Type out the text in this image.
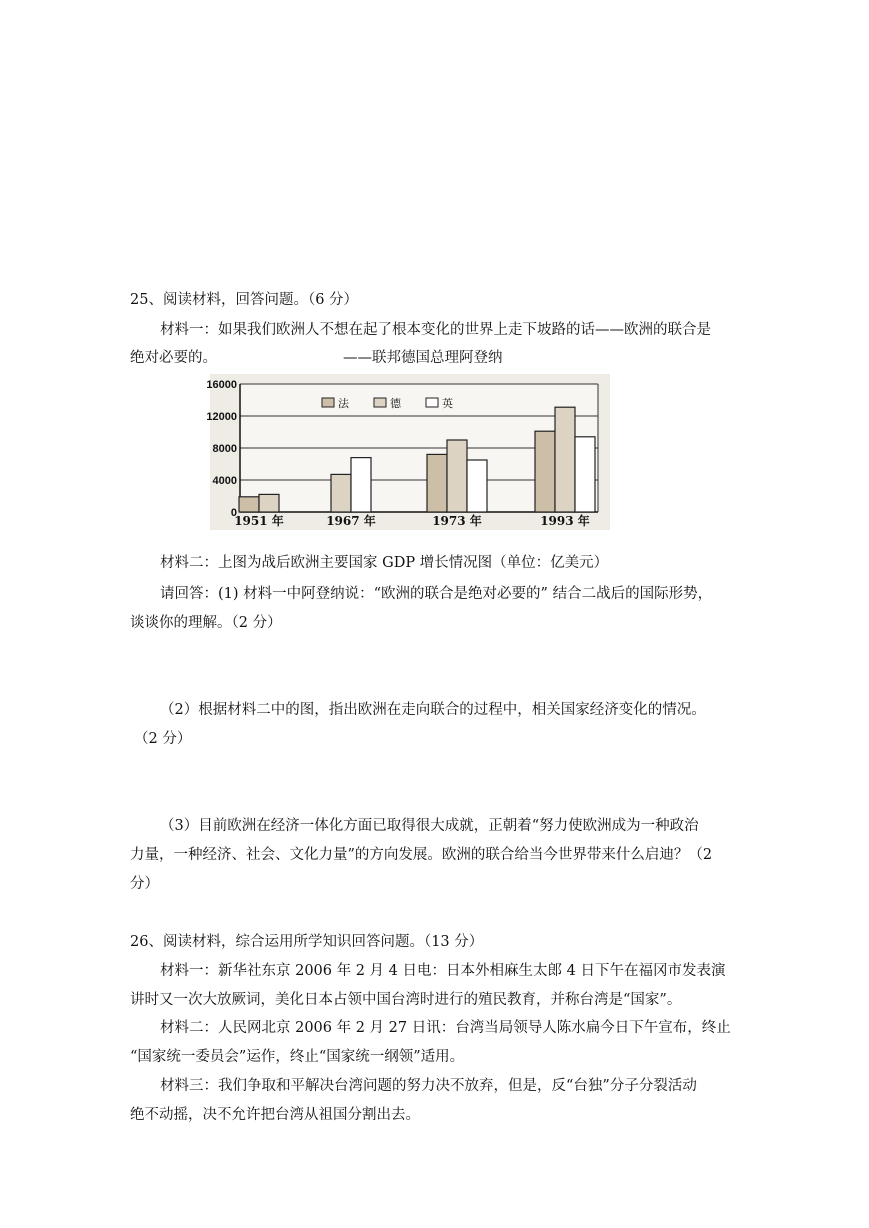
25、阅读材料，回答问题。（6 分）
材料一：如果我们欧洲人不想在起了根本变化的世界上走下坡路的话——欧洲的联合是
绝对必要的。	——联邦德国总理阿登纳
0
4000
8000
12000
16000
1951 年	1967 年	1973 年	1993 年
法	德	英
材料二：上图为战后欧洲主要国家 GDP 增长情况图（单位：亿美元）
请回答：(1) 材料一中阿登纳说：“欧洲的联合是绝对必要的” 结合二战后的国际形势，
谈谈你的理解。（2 分）
（2）根据材料二中的图，指出欧洲在走向联合的过程中，相关国家经济变化的情况。
（2 分）
（3）目前欧洲在经济一体化方面已取得很大成就，正朝着“努力使欧洲成为一种政治
力量，一种经济、社会、文化力量”的方向发展。欧洲的联合给当今世界带来什么启迪？（2
分）
26、阅读材料，综合运用所学知识回答问题。（13 分）
材料一：新华社东京 2006 年 2 月 4 日电：日本外相麻生太郎 4 日下午在福冈市发表演
讲时又一次大放厥词，美化日本占领中国台湾时进行的殖民教育，并称台湾是“国家”。
材料二：人民网北京 2006 年 2 月 27 日讯：台湾当局领导人陈水扁今日下午宣布，终止
“国家统一委员会”运作，终止“国家统一纲领”适用。
材料三：我们争取和平解决台湾问题的努力决不放弃，但是，反“台独”分子分裂活动
绝不动摇，决不允许把台湾从祖国分割出去。
